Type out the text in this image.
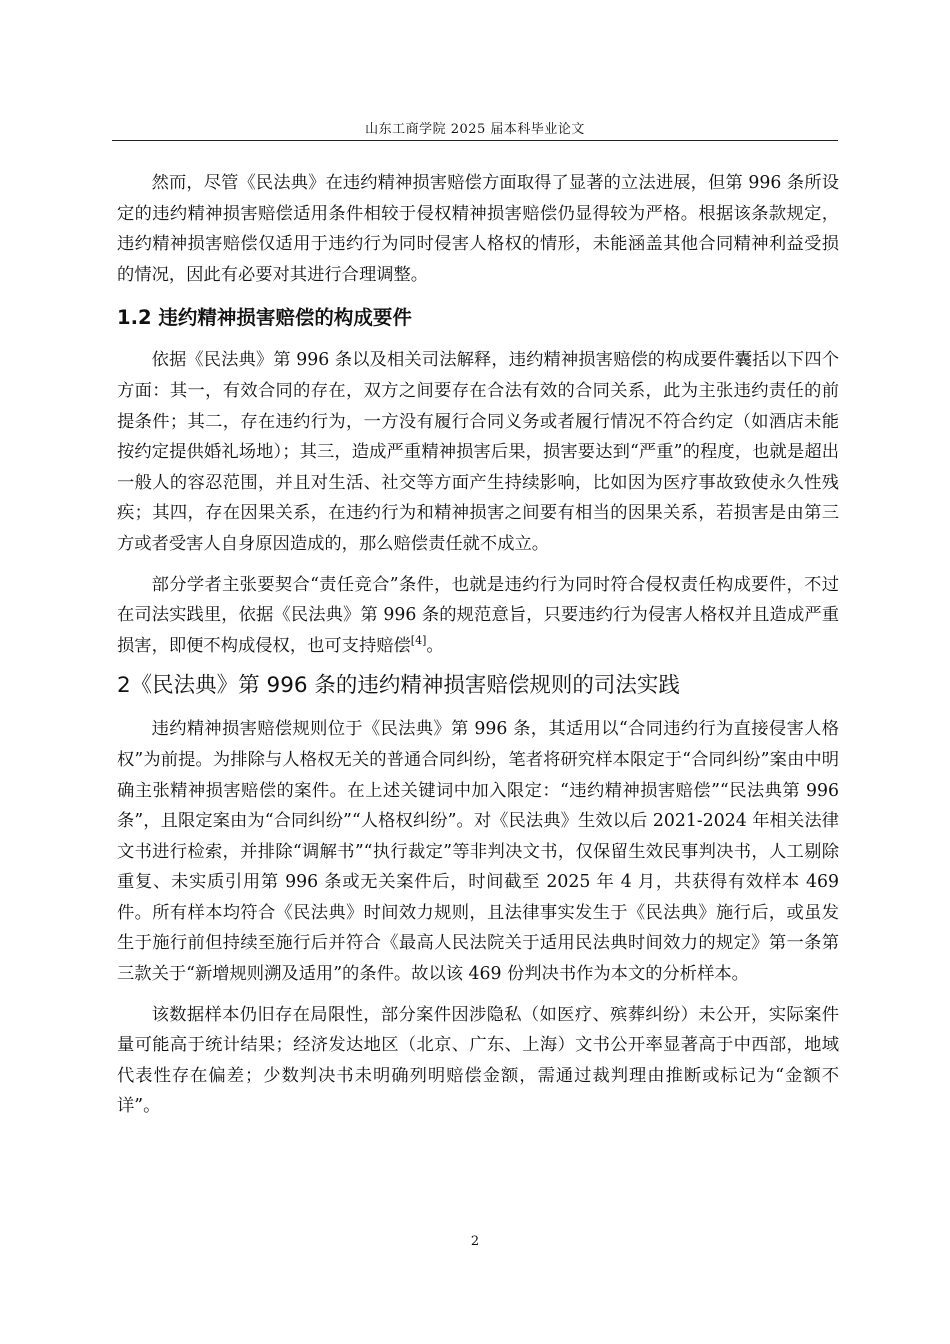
山东工商学院 2025 届本科毕业论文

然而，尽管《民法典》在违约精神损害赔偿方面取得了显著的立法进展，但第 996 条所设定的违约精神损害赔偿适用条件相较于侵权精神损害赔偿仍显得较为严格。根据该条款规定，违约精神损害赔偿仅适用于违约行为同时侵害人格权的情形，未能涵盖其他合同精神利益受损的情况，因此有必要对其进行合理调整。

1.2 违约精神损害赔偿的构成要件

依据《民法典》第 996 条以及相关司法解释，违约精神损害赔偿的构成要件囊括以下四个方面：其一，有效合同的存在，双方之间要存在合法有效的合同关系，此为主张违约责任的前提条件；其二，存在违约行为，一方没有履行合同义务或者履行情况不符合约定（如酒店未能按约定提供婚礼场地）；其三，造成严重精神损害后果，损害要达到“严重”的程度，也就是超出一般人的容忍范围，并且对生活、社交等方面产生持续影响，比如因为医疗事故致使永久性残疾；其四，存在因果关系，在违约行为和精神损害之间要有相当的因果关系，若损害是由第三方或者受害人自身原因造成的，那么赔偿责任就不成立。

部分学者主张要契合“责任竞合”条件，也就是违约行为同时符合侵权责任构成要件，不过在司法实践里，依据《民法典》第 996 条的规范意旨，只要违约行为侵害人格权并且造成严重损害，即便不构成侵权，也可支持赔偿[4]。

2《民法典》第 996 条的违约精神损害赔偿规则的司法实践

违约精神损害赔偿规则位于《民法典》第 996 条，其适用以“合同违约行为直接侵害人格权”为前提。为排除与人格权无关的普通合同纠纷，笔者将研究样本限定于“合同纠纷”案由中明确主张精神损害赔偿的案件。在上述关键词中加入限定：“违约精神损害赔偿”“民法典第 996 条”，且限定案由为“合同纠纷”“人格权纠纷”。对《民法典》生效以后 2021-2024 年相关法律文书进行检索，并排除“调解书”“执行裁定”等非判决文书，仅保留生效民事判决书，人工剔除重复、未实质引用第 996 条或无关案件后，时间截至 2025 年 4 月，共获得有效样本 469 件。所有样本均符合《民法典》时间效力规则，且法律事实发生于《民法典》施行后，或虽发生于施行前但持续至施行后并符合《最高人民法院关于适用民法典时间效力的规定》第一条第三款关于“新增规则溯及适用”的条件。故以该 469 份判决书作为本文的分析样本。

该数据样本仍旧存在局限性，部分案件因涉隐私（如医疗、殡葬纠纷）未公开，实际案件量可能高于统计结果；经济发达地区（北京、广东、上海）文书公开率显著高于中西部，地域代表性存在偏差；少数判决书未明确列明赔偿金额，需通过裁判理由推断或标记为“金额不详”。

2
